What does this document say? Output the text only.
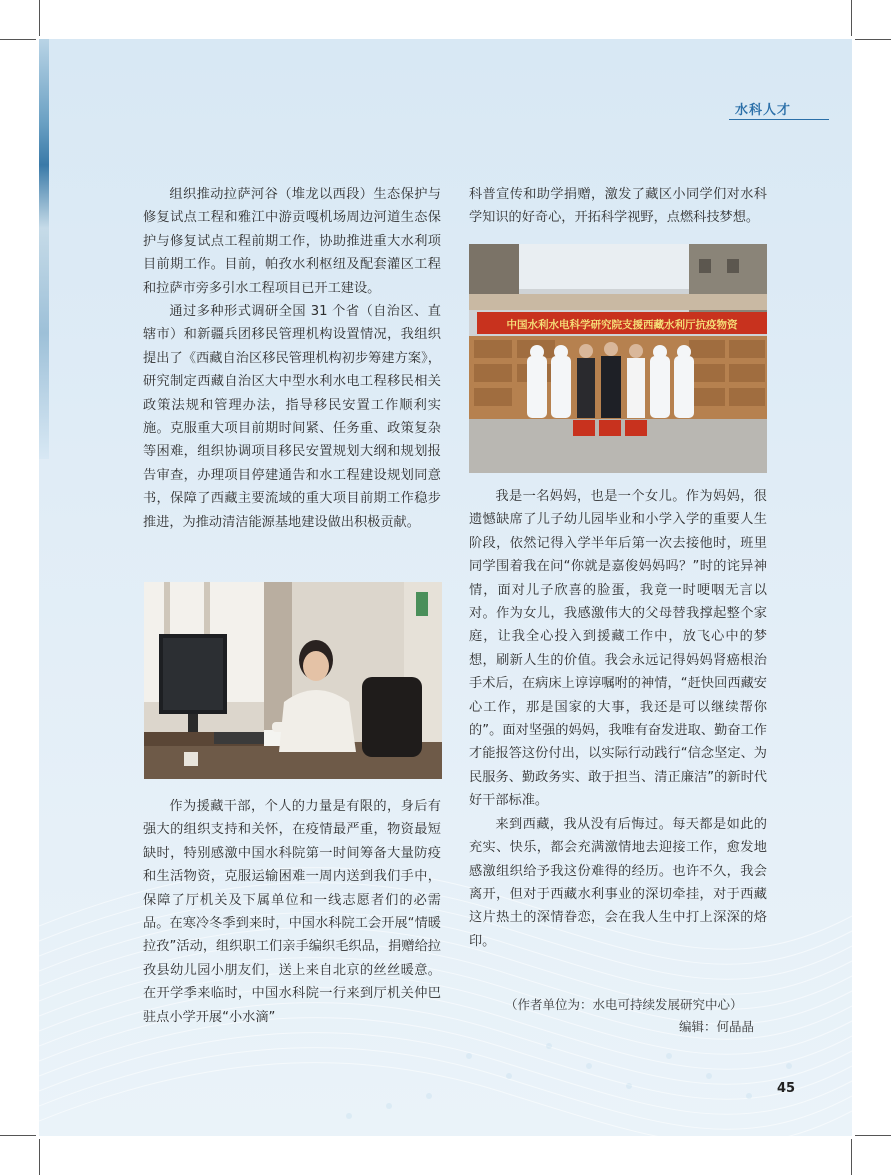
水科人才

组织推动拉萨河谷（堆龙以西段）生态保护与修复试点工程和雅江中游贡嘎机场周边河道生态保护与修复试点工程前期工作，协助推进重大水利项目前期工作。目前，帕孜水利枢纽及配套灌区工程和拉萨市旁多引水工程项目已开工建设。

通过多种形式调研全国 31 个省（自治区、直辖市）和新疆兵团移民管理机构设置情况，我组织提出了《西藏自治区移民管理机构初步筹建方案》，研究制定西藏自治区大中型水利水电工程移民相关政策法规和管理办法，指导移民安置工作顺利实施。克服重大项目前期时间紧、任务重、政策复杂等困难，组织协调项目移民安置规划大纲和规划报告审查，办理项目停建通告和水工程建设规划同意书，保障了西藏主要流域的重大项目前期工作稳步推进，为推动清洁能源基地建设做出积极贡献。

作为援藏干部，个人的力量是有限的，身后有强大的组织支持和关怀，在疫情最严重，物资最短缺时，特别感激中国水科院第一时间筹备大量防疫和生活物资，克服运输困难一周内送到我们手中，保障了厅机关及下属单位和一线志愿者们的必需品。在寒冷冬季到来时，中国水科院工会开展“情暖拉孜”活动，组织职工们亲手编织毛织品，捐赠给拉孜县幼儿园小朋友们，送上来自北京的丝丝暖意。在开学季来临时，中国水科院一行来到厅机关仲巴驻点小学开展“小水滴”

科普宣传和助学捐赠，激发了藏区小同学们对水科学知识的好奇心，开拓科学视野，点燃科技梦想。

中国水利水电科学研究院支援西藏水利厅抗疫物资

我是一名妈妈，也是一个女儿。作为妈妈，很遗憾缺席了儿子幼儿园毕业和小学入学的重要人生阶段，依然记得入学半年后第一次去接他时，班里同学围着我在问“你就是嘉俊妈妈吗？”时的诧异神情，面对儿子欣喜的脸蛋，我竟一时哽咽无言以对。作为女儿，我感激伟大的父母替我撑起整个家庭，让我全心投入到援藏工作中，放飞心中的梦想，刷新人生的价值。我会永远记得妈妈肾癌根治手术后，在病床上谆谆嘱咐的神情，“赶快回西藏安心工作，那是国家的大事，我还是可以继续帮你的”。面对坚强的妈妈，我唯有奋发进取、勤奋工作才能报答这份付出，以实际行动践行“信念坚定、为民服务、勤政务实、敢于担当、清正廉洁”的新时代好干部标准。

来到西藏，我从没有后悔过。每天都是如此的充实、快乐，都会充满激情地去迎接工作，愈发地感激组织给予我这份难得的经历。也许不久，我会离开，但对于西藏水利事业的深切牵挂，对于西藏这片热土的深情眷恋，会在我人生中打上深深的烙印。

（作者单位为：水电可持续发展研究中心）
编辑：何晶晶
45
